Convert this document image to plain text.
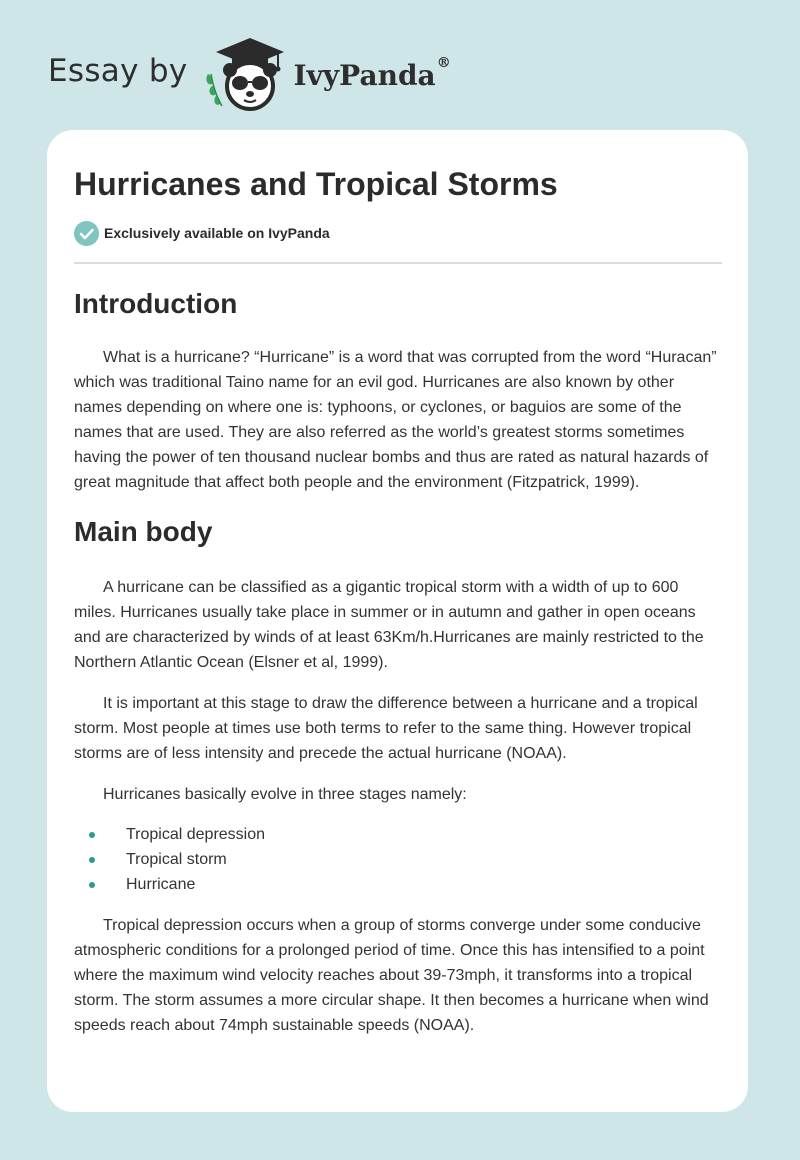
Essay by	IvyPanda®
Hurricanes and Tropical Storms
Exclusively available on IvyPanda
Introduction

What is a hurricane? “Hurricane” is a word that was corrupted from the word “Huracan” which was traditional Taino name for an evil god. Hurricanes are also known by other names depending on where one is: typhoons, or cyclones, or baguios are some of the names that are used. They are also referred as the world’s greatest storms sometimes having the power of ten thousand nuclear bombs and thus are rated as natural hazards of great magnitude that affect both people and the environment (Fitzpatrick, 1999).

Main body

A hurricane can be classified as a gigantic tropical storm with a width of up to 600 miles. Hurricanes usually take place in summer or in autumn and gather in open oceans and are characterized by winds of at least 63Km/h.Hurricanes are mainly restricted to the Northern Atlantic Ocean (Elsner et al, 1999).

It is important at this stage to draw the difference between a hurricane and a tropical storm. Most people at times use both terms to refer to the same thing. However tropical storms are of less intensity and precede the actual hurricane (NOAA).

Hurricanes basically evolve in three stages namely:

Tropical depression
Tropical storm
Hurricane

Tropical depression occurs when a group of storms converge under some conducive atmospheric conditions for a prolonged period of time. Once this has intensified to a point where the maximum wind velocity reaches about 39-73mph, it transforms into a tropical storm. The storm assumes a more circular shape. It then becomes a hurricane when wind speeds reach about 74mph sustainable speeds (NOAA).
